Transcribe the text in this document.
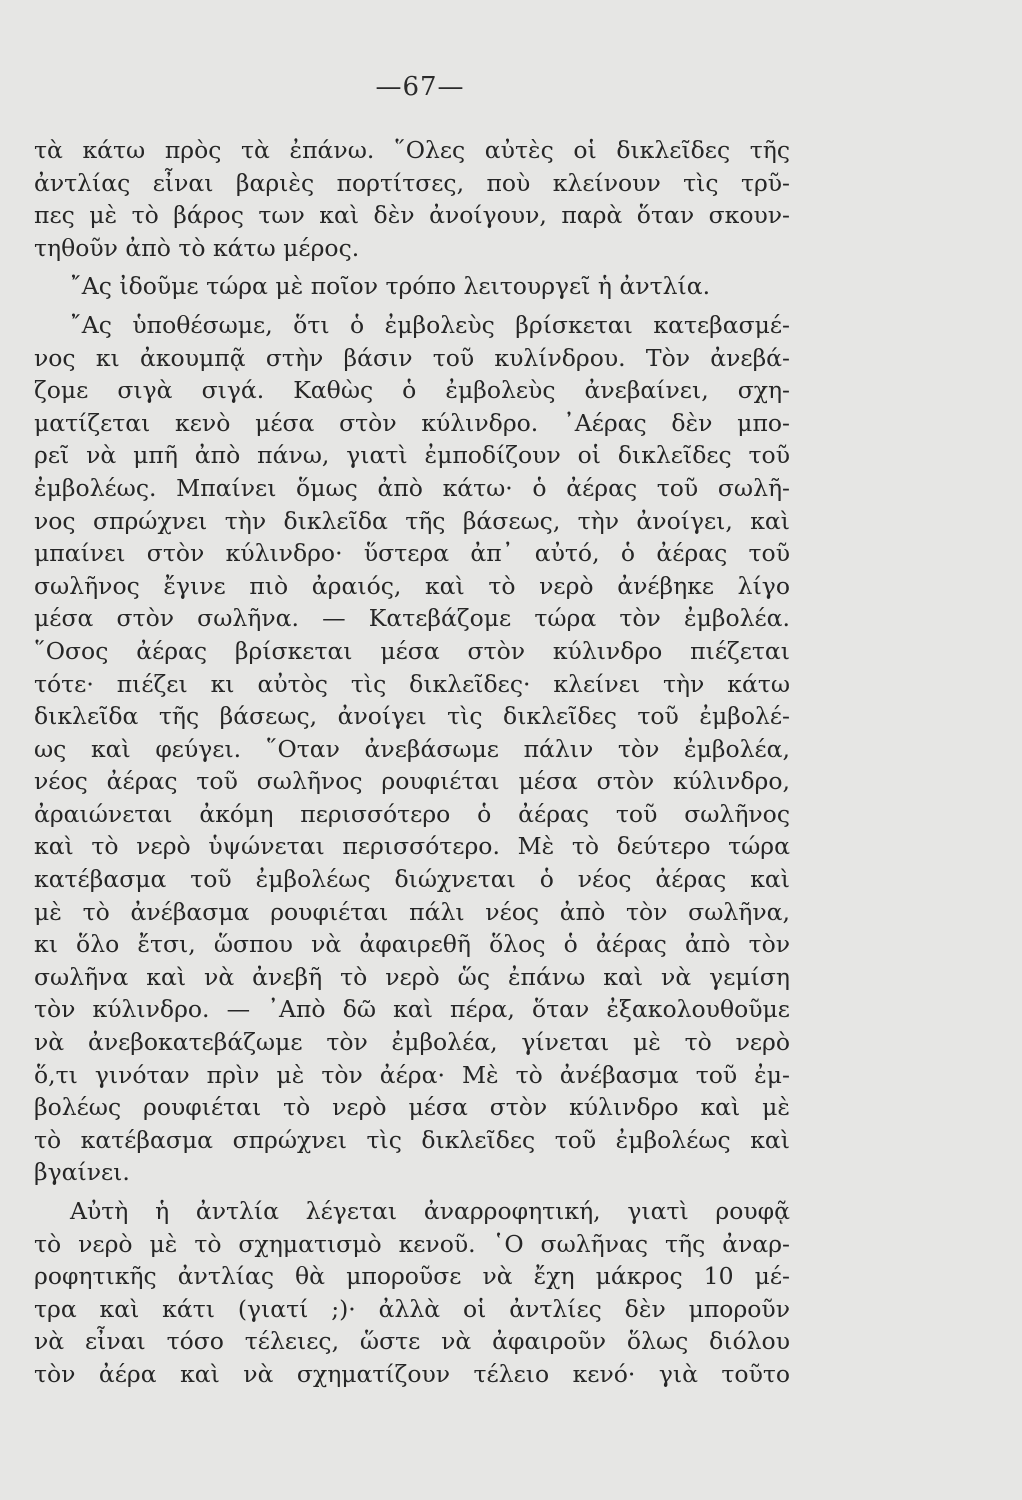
—67—
τὰ κάτω πρὸς τὰ ἐπάνω. ῞Ολες αὐτὲς οἱ δικλεῖδες τῆς
ἀντλίας εἶναι βαριὲς πορτίτσες, ποὺ κλείνουν τὶς τρῦ-
πες μὲ τὸ βάρος των καὶ δὲν ἀνοίγουν, παρὰ ὅταν σκουν-
τηθοῦν ἀπὸ τὸ κάτω μέρος.
῎Ας ἰδοῦμε τώρα μὲ ποῖον τρόπο λειτουργεῖ ἡ ἀντλία.
῎Ας ὑποθέσωμε, ὅτι ὁ ἐμβολεὺς βρίσκεται κατεβασμέ-
νος κι ἀκουμπᾷ στὴν βάσιν τοῦ κυλίνδρου. Τὸν ἀνεβά-
ζομε σιγὰ σιγά. Καθὼς ὁ ἐμβολεὺς ἀνεβαίνει, σχη-
ματίζεται κενὸ μέσα στὸν κύλινδρο. ᾿Αέρας δὲν μπο-
ρεῖ νὰ μπῆ ἀπὸ πάνω, γιατὶ ἐμποδίζουν οἱ δικλεῖδες τοῦ
ἐμβολέως. Μπαίνει ὅμως ἀπὸ κάτω· ὁ ἀέρας τοῦ σωλῆ-
νος σπρώχνει τὴν δικλεῖδα τῆς βάσεως, τὴν ἀνοίγει, καὶ
μπαίνει στὸν κύλινδρο· ὕστερα ἀπ᾽ αὐτό, ὁ ἀέρας τοῦ
σωλῆνος ἔγινε πιὸ ἀραιός, καὶ τὸ νερὸ ἀνέβηκε λίγο
μέσα στὸν σωλῆνα. — Κατεβάζομε τώρα τὸν ἐμβολέα.
῞Οσος ἀέρας βρίσκεται μέσα στὸν κύλινδρο πιέζεται
τότε· πιέζει κι αὐτὸς τὶς δικλεῖδες· κλείνει τὴν κάτω
δικλεῖδα τῆς βάσεως, ἀνοίγει τὶς δικλεῖδες τοῦ ἐμβολέ-
ως καὶ φεύγει. ῞Οταν ἀνεβάσωμε πάλιν τὸν ἐμβολέα,
νέος ἀέρας τοῦ σωλῆνος ρουφιέται μέσα στὸν κύλινδρο,
ἀραιώνεται ἀκόμη περισσότερο ὁ ἀέρας τοῦ σωλῆνος
καὶ τὸ νερὸ ὑψώνεται περισσότερο. Μὲ τὸ δεύτερο τώρα
κατέβασμα τοῦ ἐμβολέως διώχνεται ὁ νέος ἀέρας καὶ
μὲ τὸ ἀνέβασμα ρουφιέται πάλι νέος ἀπὸ τὸν σωλῆνα,
κι ὅλο ἔτσι, ὥσπου νὰ ἀφαιρεθῆ ὅλος ὁ ἀέρας ἀπὸ τὸν
σωλῆνα καὶ νὰ ἀνεβῆ τὸ νερὸ ὥς ἐπάνω καὶ νὰ γεμίση
τὸν κύλινδρο. — ᾿Απὸ δῶ καὶ πέρα, ὅταν ἐξακολουθοῦμε
νὰ ἀνεβοκατεβάζωμε τὸν ἐμβολέα, γίνεται μὲ τὸ νερὸ
ὅ,τι γινόταν πρὶν μὲ τὸν ἀέρα· Μὲ τὸ ἀνέβασμα τοῦ ἐμ-
βολέως ρουφιέται τὸ νερὸ μέσα στὸν κύλινδρο καὶ μὲ
τὸ κατέβασμα σπρώχνει τὶς δικλεῖδες τοῦ ἐμβολέως καὶ
βγαίνει.
Αὐτὴ ἡ ἀντλία λέγεται ἀναρροφητική, γιατὶ ρουφᾷ
τὸ νερὸ μὲ τὸ σχηματισμὸ κενοῦ. ῾Ο σωλῆνας τῆς ἀναρ-
ροφητικῆς ἀντλίας θὰ μποροῦσε νὰ ἔχη μάκρος 10 μέ-
τρα καὶ κάτι (γιατί ;)· ἀλλὰ οἱ ἀντλίες δὲν μποροῦν
νὰ εἶναι τόσο τέλειες, ὥστε νὰ ἀφαιροῦν ὅλως διόλου
τὸν ἀέρα καὶ νὰ σχηματίζουν τέλειο κενό· γιὰ τοῦτο
